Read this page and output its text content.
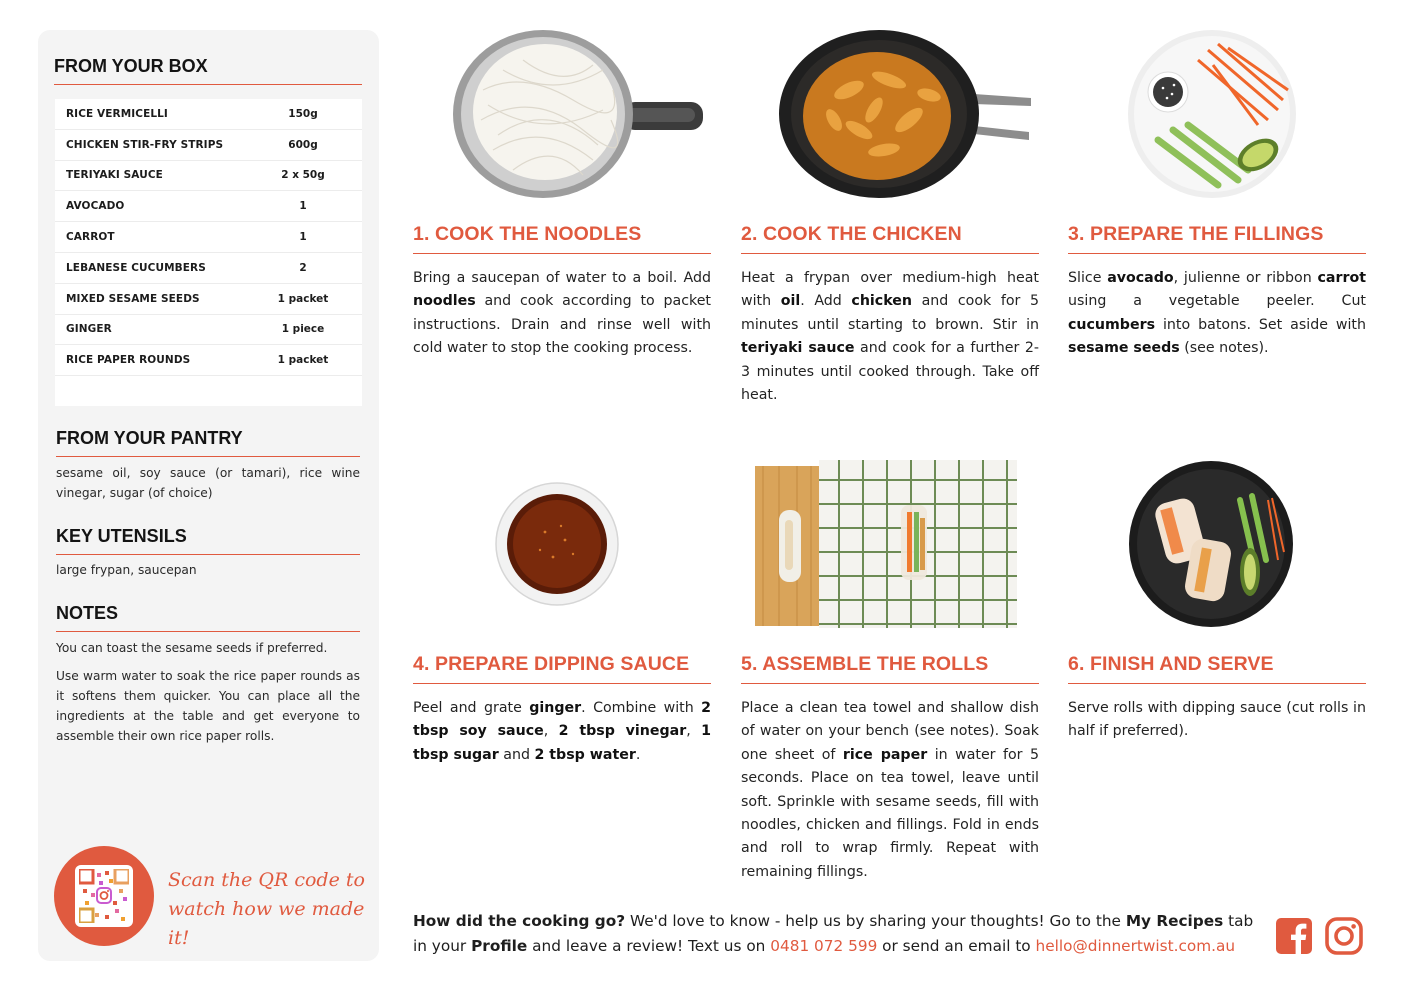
FROM YOUR BOX
RICE VERMICELLI	150g
CHICKEN STIR-FRY STRIPS	600g
TERIYAKI SAUCE	2 x 50g
AVOCADO	1
CARROT	1
LEBANESE CUCUMBERS	2
MIXED SESAME SEEDS	1 packet
GINGER	1 piece
RICE PAPER ROUNDS	1 packet
FROM YOUR PANTRY
sesame oil, soy sauce (or tamari), rice wine vinegar, sugar (of choice)
KEY UTENSILS
large frypan, saucepan
NOTES
You can toast the sesame seeds if preferred.
Use warm water to soak the rice paper rounds as it softens them quicker. You can place all the ingredients at the table and get everyone to assemble their own rice paper rolls.
Scan the QR code to
watch how we made it!
1. COOK THE NOODLES
Bring a saucepan of water to a boil. Add noodles and cook according to packet instructions. Drain and rinse well with cold water to stop the cooking process.
2. COOK THE CHICKEN
Heat a frypan over medium-high heat with oil. Add chicken and cook for 5 minutes until starting to brown. Stir in teriyaki sauce and cook for a further 2-3 minutes until cooked through. Take off heat.
3. PREPARE THE FILLINGS
Slice avocado, julienne or ribbon carrot using a vegetable peeler. Cut cucumbers into batons. Set aside with sesame seeds (see notes).
4. PREPARE DIPPING SAUCE
Peel and grate ginger. Combine with 2 tbsp soy sauce, 2 tbsp vinegar, 1 tbsp sugar and 2 tbsp water.
5. ASSEMBLE THE ROLLS
Place a clean tea towel and shallow dish of water on your bench (see notes). Soak one sheet of rice paper in water for 5 seconds. Place on tea towel, leave until soft. Sprinkle with sesame seeds, fill with noodles, chicken and fillings. Fold in ends and roll to wrap firmly. Repeat with remaining fillings.
6. FINISH AND SERVE
Serve rolls with dipping sauce (cut rolls in half if preferred).
How did the cooking go? We'd love to know - help us by sharing your thoughts! Go to the My Recipes tab in your Profile and leave a review! Text us on 0481 072 599 or send an email to hello@dinnertwist.com.au
